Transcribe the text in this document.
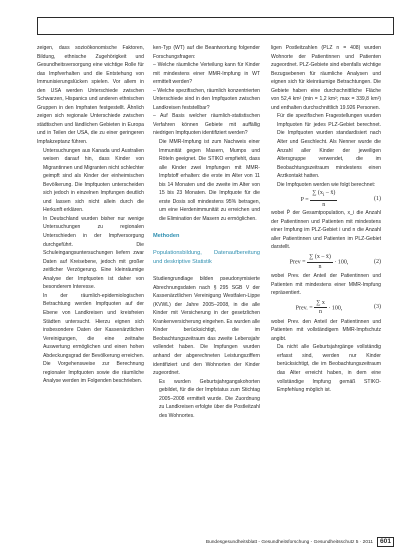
zeigen, dass sozioökonomische Faktoren, Bildung, ethnische Zugehörigkeit und Gesundheitsversorgung eine wichtige Rolle für das Impfverhalten und die Entstehung von Immunisierungslücken spielen. Vor allem in den USA werden Unterschiede zwischen Schwarzen, Hispanics und anderen ethnischen Gruppen in den Impfraten festgestellt. Ähnlich zeigen sich regionale Unterschiede zwischen städtischen und ländlichen Gebieten in Europa und in Teilen der USA, die zu einer geringeren Impfakzeptanz führen.

Untersuchungen aus Kanada und Australien weisen darauf hin, dass Kinder von Migrantinnen und Migranten nicht schlechter geimpft sind als Kinder der einheimischen Bevölkerung. Die Impfquoten unterscheiden sich jedoch in einzelnen Impfungen deutlich und lassen sich nicht allein durch die Herkunft erklären.

In Deutschland wurden bisher nur wenige Untersuchungen zu regionalen Unterschieden in der Impfversorgung durchgeführt. Die Schuleingangsuntersuchungen liefern zwar Daten auf Kreisebene, jedoch mit großer zeitlicher Verzögerung. Eine kleinräumige Analyse der Impfquoten ist daher von besonderem Interesse.

In der räumlich-epidemiologischen Betrachtung werden Impfquoten auf der Ebene von Landkreisen und kreisfreien Städten untersucht. Hierzu eignen sich insbesondere Daten der Kassenärztlichen Vereinigungen, die eine zeitnahe Auswertung ermöglichen und einen hohen Abdeckungsgrad der Bevölkerung erreichen. Die Vorgehensweise zur Berechnung regionaler Impfquoten sowie die räumliche Analyse werden im Folgenden beschrieben.

ken-Typ (WT) auf die Beantwortung folgender Forschungsfragen:

– Welche räumliche Verteilung kann für Kinder mit mindestens einer MMR-Impfung in WT ermittelt werden?

– Welche spezifischen, räumlich konzentrierten Unterschiede sind in den Impfquoten zwischen Landkreisen feststellbar?

– Auf Basis welcher räumlich-statistischen Verfahren können Gebiete mit auffällig niedrigen Impfquoten identifiziert werden?

Die MMR-Impfung ist zum Nachweis einer Immunität gegen Masern, Mumps und Röteln geeignet. Die STIKO empfiehlt, dass alle Kinder zwei Impfungen mit MMR-Impfstoff erhalten: die erste im Alter von 11 bis 14 Monaten und die zweite im Alter von 15 bis 23 Monaten. Die Impfquote für die erste Dosis soll mindestens 95% betragen, um eine Herdenimmunität zu erreichen und die Elimination der Masern zu ermöglichen.

Methoden

Populationsbildung, Datenaufbereitung und deskriptive Statistik

Studiengrundlage bilden pseudonymisierte Abrechnungsdaten nach § 295 SGB V der Kassenärztlichen Vereinigung Westfalen-Lippe (KVWL) der Jahre 2005–2008, in die alle Kinder mit Versicherung in der gesetzlichen Krankenversicherung eingehen. Es wurden alle Kinder berücksichtigt, die im Beobachtungszeitraum das zweite Lebensjahr vollendet haben. Die Impfungen wurden anhand der abgerechneten Leistungsziffern identifiziert und den Wohnorten der Kinder zugeordnet.

Es wurden Geburtsjahrgangskohorten gebildet, für die der Impfstatus zum Stichtag 2005–2008 ermittelt wurde. Die Zuordnung zu Landkreisen erfolgte über die Postleitzahl des Wohnortes.

ligen Postleitzahlen (PLZ n = 408) wurden Wohnorte der Patientinnen und Patienten zugeordnet. PLZ-Gebiete sind ebenfalls wichtige Bezugsebenen für räumliche Analysen und eignen sich für kleinräumige Betrachtungen. Die Gebiete haben eine durchschnittliche Fläche von 52,4 km² (min = 1,2 km²; max = 339,8 km²) und enthalten durchschnittlich 19.926 Personen.

Für die spezifischen Fragestellungen wurden Impfquoten für jedes PLZ-Gebiet berechnet. Die Impfquoten wurden standardisiert nach Alter und Geschlecht. Als Nenner wurde die Anzahl aller Kinder der jeweiligen Altersgruppe verwendet, die im Beobachtungszeitraum mindestens einen Arztkontakt hatten.

Die Impfquoten werden wie folgt berechnet:

$P = \frac{\sum (x_i - x̄)}{n}$	(1)

wobei P̄ der Gesamtpopulation, x_i die Anzahl der Patientinnen und Patienten mit mindestens einer Impfung im PLZ-Gebiet i und n die Anzahl aller Patientinnen und Patienten im PLZ-Gebiet darstellt.

Prev = $\frac{\sum (x - x̄)}{n} \cdot 100$,	(2)

wobei Prev. der Anteil der Patientinnen und Patienten mit mindestens einer MMR-Impfung repräsentiert.

Prev. = $\frac{\sum x}{n} \cdot 100$,	(3)

wobei Prev. den Anteil der Patientinnen und Patienten mit vollständigem MMR-Impfschutz angibt.

Da nicht alle Geburtsjahrgänge vollständig erfasst sind, werden nur Kinder berücksichtigt, die im Beobachtungszeitraum das Alter erreicht haben, in dem eine vollständige Impfung gemäß STIKO-Empfehlung möglich ist.

Bundesgesundheitsblatt - Gesundheitsforschung - Gesundheitsschutz 5 · 2011	601
